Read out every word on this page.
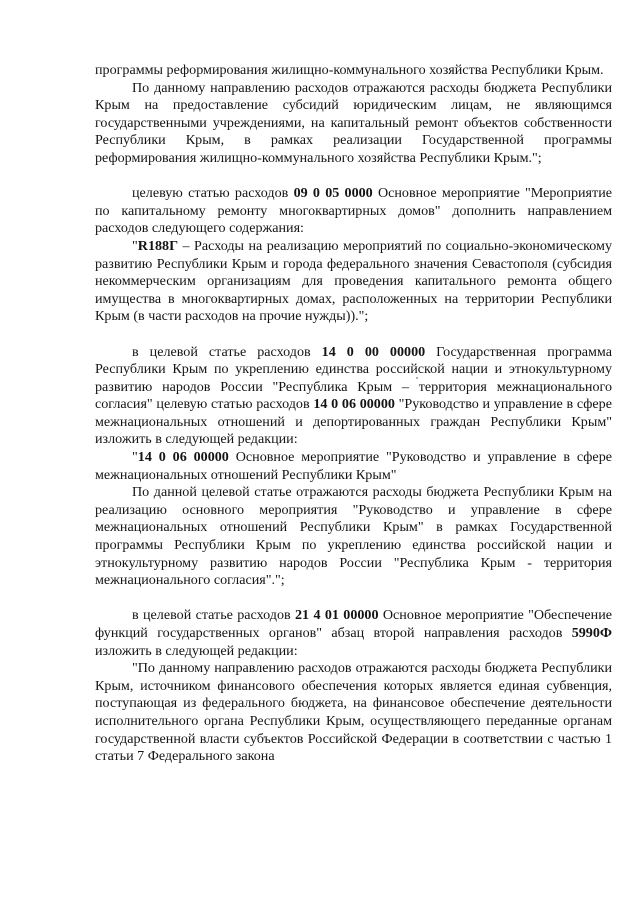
программы реформирования жилищно-коммунального хозяйства Республики Крым.

По данному направлению расходов отражаются расходы бюджета Республики Крым на предоставление субсидий юридическим лицам, не являющимся государственными учреждениями, на капитальный ремонт объектов собственности Республики Крым, в рамках реализации Государственной программы реформирования жилищно-коммунального хозяйства Республики Крым.";

целевую статью расходов 09 0 05 0000 Основное мероприятие "Мероприятие по капитальному ремонту многоквартирных домов" дополнить направлением расходов следующего содержания:

"R188Г – Расходы на реализацию мероприятий по социально-экономическому развитию Республики Крым и города федерального значения Севастополя (субсидия некоммерческим организациям для проведения капитального ремонта общего имущества в многоквартирных домах, расположенных на территории Республики Крым (в части расходов на прочие нужды)).";

в целевой статье расходов 14 0 00 00000 Государственная программа Республики Крым по укреплению единства российской нации и этнокультурному развитию народов России "Республика Крым – территория межнационального согласия" целевую статью расходов 14 0 06 00000 "Руководство и управление в сфере межнациональных отношений и депортированных граждан Республики Крым" изложить в следующей редакции:

"14 0 06 00000 Основное мероприятие "Руководство и управление в сфере межнациональных отношений Республики Крым"

По данной целевой статье отражаются расходы бюджета Республики Крым на реализацию основного мероприятия "Руководство и управление в сфере межнациональных отношений Республики Крым" в рамках Государственной программы Республики Крым по укреплению единства российской нации и этнокультурному развитию народов России "Республика Крым - территория межнационального согласия".";

в целевой статье расходов 21 4 01 00000 Основное мероприятие "Обеспечение функций государственных органов" абзац второй направления расходов 5990Ф изложить в следующей редакции:

"По данному направлению расходов отражаются расходы бюджета Республики Крым, источником финансового обеспечения которых является единая субвенция, поступающая из федерального бюджета, на финансовое обеспечение деятельности исполнительного органа Республики Крым, осуществляющего переданные органам государственной власти субъектов Российской Федерации в соответствии с частью 1 статьи 7 Федерального закона
